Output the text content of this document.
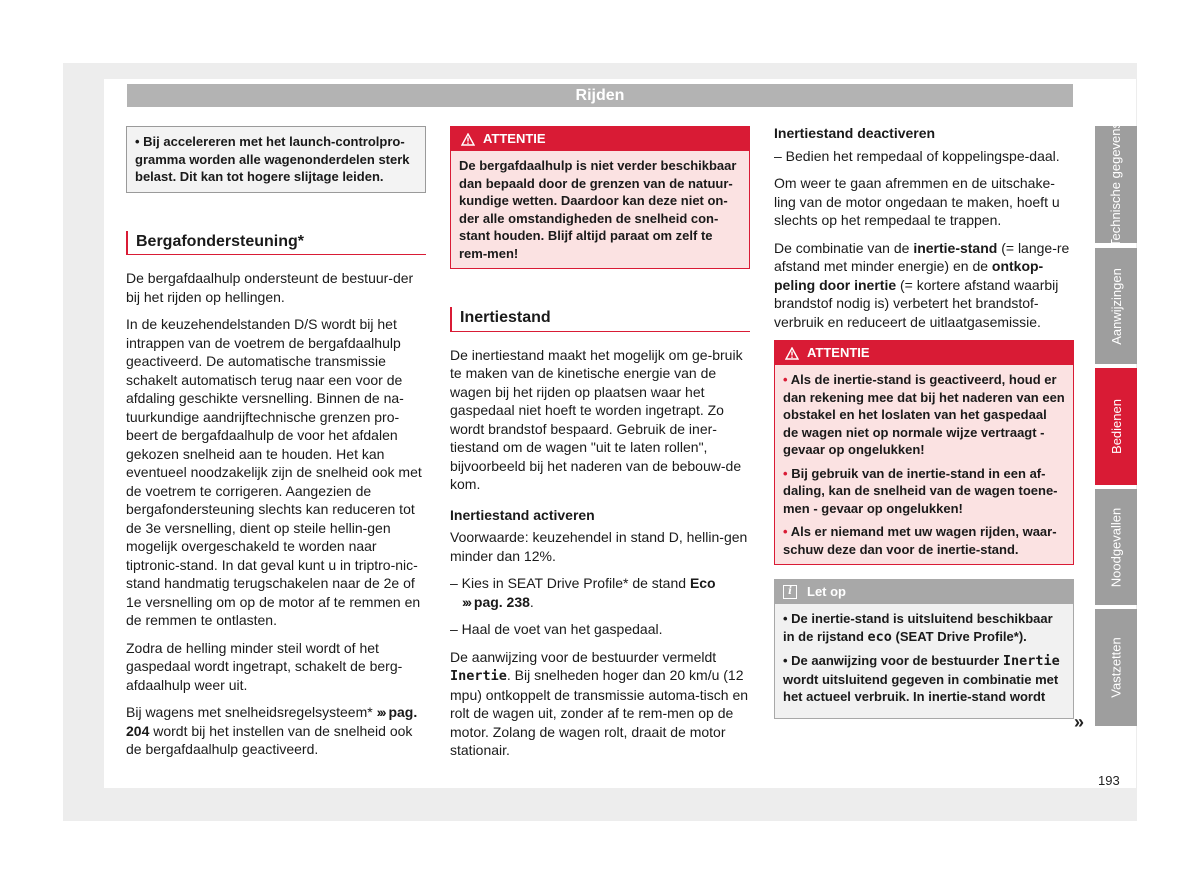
Rijden
• Bij accelereren met het launch-controlpro-gramma worden alle wagenonderdelen sterk belast. Dit kan tot hogere slijtage leiden.
Bergafondersteuning*

De bergafdaalhulp ondersteunt de bestuur-der bij het rijden op hellingen.

In de keuzehendelstanden D/S wordt bij het intrappen van de voetrem de bergafdaalhulp geactiveerd. De automatische transmissie schakelt automatisch terug naar een voor de afdaling geschikte versnelling. Binnen de na-tuurkundige aandrijftechnische grenzen pro-beert de bergafdaalhulp de voor het afdalen gekozen snelheid aan te houden. Het kan eventueel noodzakelijk zijn de snelheid ook met de voetrem te corrigeren. Aangezien de bergafondersteuning slechts kan reduceren tot de 3e versnelling, dient op steile hellin-gen mogelijk overgeschakeld te worden naar tiptronic-stand. In dat geval kunt u in triptro-nic-stand handmatig terugschakelen naar de 2e of 1e versnelling om op de motor af te remmen en de remmen te ontlasten.

Zodra de helling minder steil wordt of het gaspedaal wordt ingetrapt, schakelt de berg-afdaalhulp weer uit.

Bij wagens met snelheidsregelsysteem* ››› pag. 204 wordt bij het instellen van de snelheid ook de bergafdaalhulp geactiveerd.

ATTENTIE
De bergafdaalhulp is niet verder beschikbaar dan bepaald door de grenzen van de natuur-kundige wetten. Daardoor kan deze niet on-der alle omstandigheden de snelheid con-stant houden. Blijf altijd paraat om zelf te rem-men!
Inertiestand

De inertiestand maakt het mogelijk om ge-bruik te maken van de kinetische energie van de wagen bij het rijden op plaatsen waar het gaspedaal niet hoeft te worden ingetrapt. Zo wordt brandstof bespaard. Gebruik de iner-tiestand om de wagen "uit te laten rollen", bijvoorbeeld bij het naderen van de bebouw-de kom.

Inertiestand activeren

Voorwaarde: keuzehendel in stand D, hellin-gen minder dan 12%.

– Kies in SEAT Drive Profile* de stand Eco
››› pag. 238.

– Haal de voet van het gaspedaal.

De aanwijzing voor de bestuurder vermeldt Inertie. Bij snelheden hoger dan 20 km/u (12 mpu) ontkoppelt de transmissie automa-tisch en rolt de wagen uit, zonder af te rem-men op de motor. Zolang de wagen rolt, draait de motor stationair.

Inertiestand deactiveren

– Bedien het rempedaal of koppelingspe-daal.

Om weer te gaan afremmen en de uitschake-ling van de motor ongedaan te maken, hoeft u slechts op het rempedaal te trappen.

De combinatie van de inertie-stand (= lange-re afstand met minder energie) en de ontkop-peling door inertie (= kortere afstand waarbij brandstof nodig is) verbetert het brandstof-verbruik en reduceert de uitlaatgasemissie.

ATTENTIE
• Als de inertie-stand is geactiveerd, houd er dan rekening mee dat bij het naderen van een obstakel en het loslaten van het gaspedaal de wagen niet op normale wijze vertraagt - gevaar op ongelukken!
• Bij gebruik van de inertie-stand in een af-daling, kan de snelheid van de wagen toene-men - gevaar op ongelukken!
• Als er niemand met uw wagen rijden, waar-schuw deze dan voor de inertie-stand.
i	Let op
• De inertie-stand is uitsluitend beschikbaar in de rijstand eco (SEAT Drive Profile*).
• De aanwijzing voor de bestuurder Inertie wordt uitsluitend gegeven in combinatie met het actueel verbruik. In inertie-stand wordt
»
Technische gegevens
Aanwijzingen
Bedienen
Noodgevallen
Vastzetten
193
